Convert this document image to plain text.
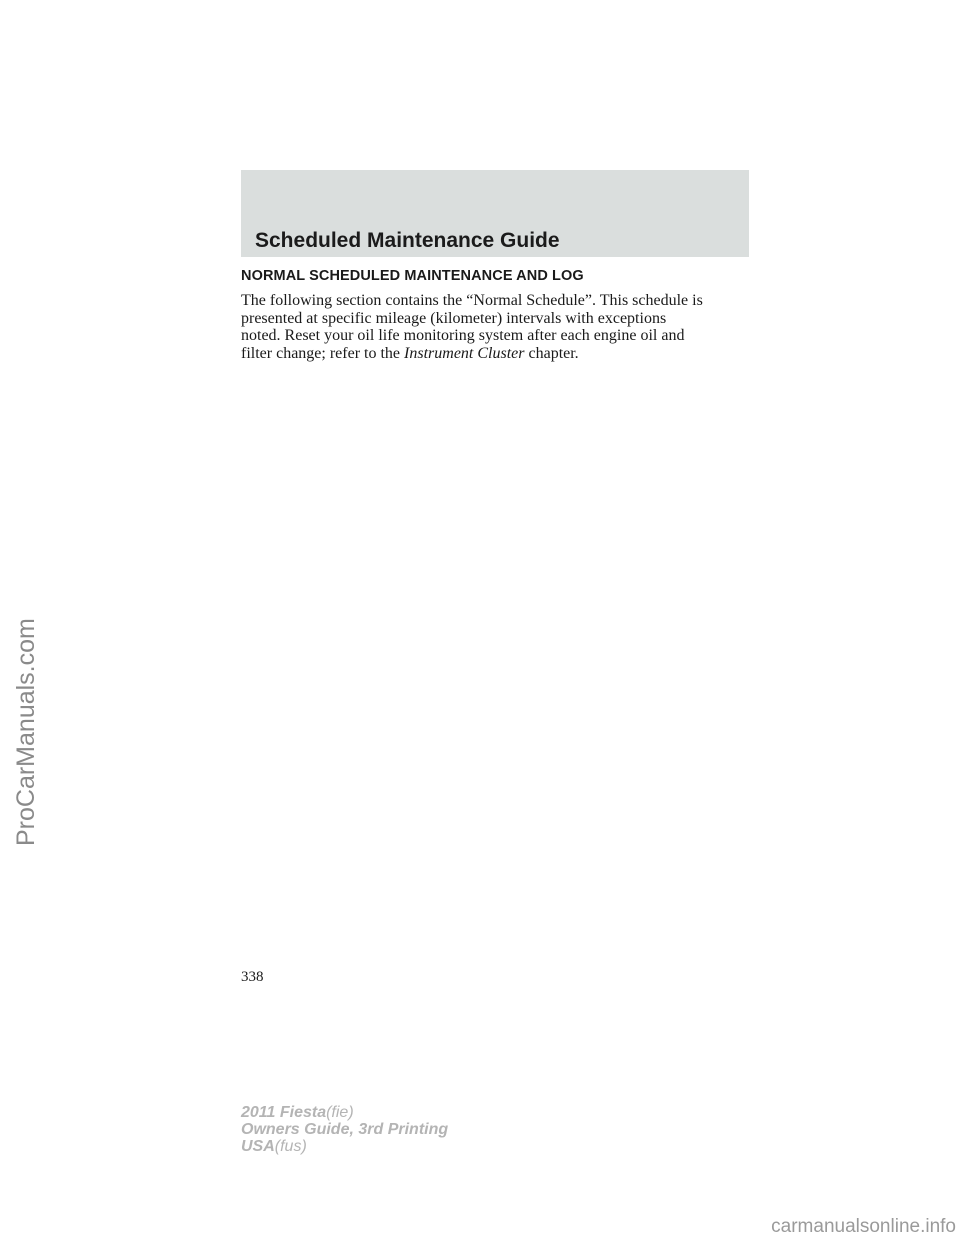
Scheduled Maintenance Guide
NORMAL SCHEDULED MAINTENANCE AND LOG
The following section contains the “Normal Schedule”. This schedule is
presented at specific mileage (kilometer) intervals with exceptions
noted. Reset your oil life monitoring system after each engine oil and
filter change; refer to the Instrument Cluster chapter.
338
ProCarManuals.com
2011 Fiesta(fie)
Owners Guide, 3rd Printing
USA(fus)
carmanualsonline.info
